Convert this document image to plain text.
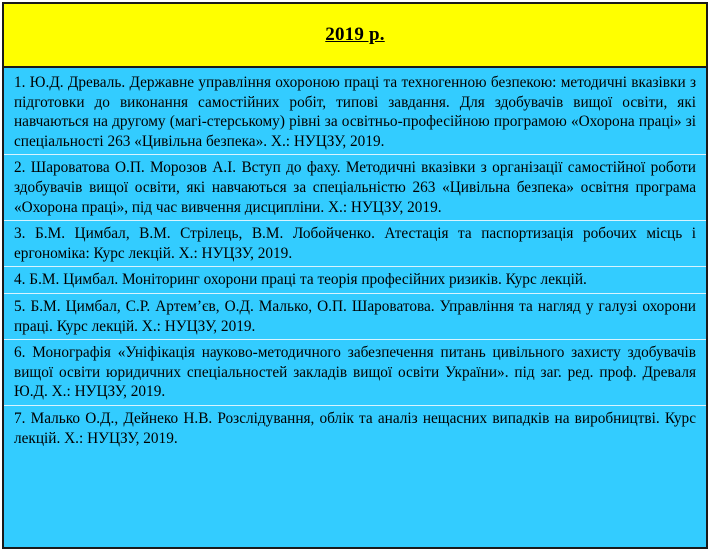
2019 р.
1. Ю.Д. Древаль. Державне управління охороною праці та техногенною безпекою: методичні вказівки з підготовки до виконання самостійних робіт, типові завдання. Для здобувачів вищої освіти, які навчаються на другому (магі-стерському) рівні за освітньо-професійною програмою «Охорона праці» зі спеціальності 263 «Цивільна безпека». Х.: НУЦЗУ, 2019.
2. Шароватова О.П. Морозов А.І. Вступ до фаху. Методичні вказівки з організації самостійної роботи здобувачів вищої освіти, які навчаються за спеціальністю 263 «Цивільна безпека» освітня програма «Охорона праці», під час вивчення дисципліни. Х.: НУЦЗУ, 2019.
3. Б.М. Цимбал, В.М. Стрілець, В.М. Лобойченко. Атестація та паспортизація робочих місць і ергономіка: Курс лекцій. Х.: НУЦЗУ, 2019.
4. Б.М. Цимбал. Моніторинг охорони праці та теорія професійних ризиків. Курс лекцій.
5. Б.М. Цимбал, С.Р. Артем’єв, О.Д. Малько, О.П. Шароватова. Управління та нагляд у галузі охорони праці. Курс лекцій. Х.: НУЦЗУ, 2019.
6. Монографія «Уніфікація науково-методичного забезпечення питань цивільного захисту здобувачів вищої освіти юридичних спеціальностей закладів вищої освіти України». під заг. ред. проф. Древаля Ю.Д. Х.: НУЦЗУ, 2019.
7. Малько О.Д., Дейнеко Н.В. Розслідування, облік та аналіз нещасних випадків на виробництві. Курс лекцій. Х.: НУЦЗУ, 2019.
